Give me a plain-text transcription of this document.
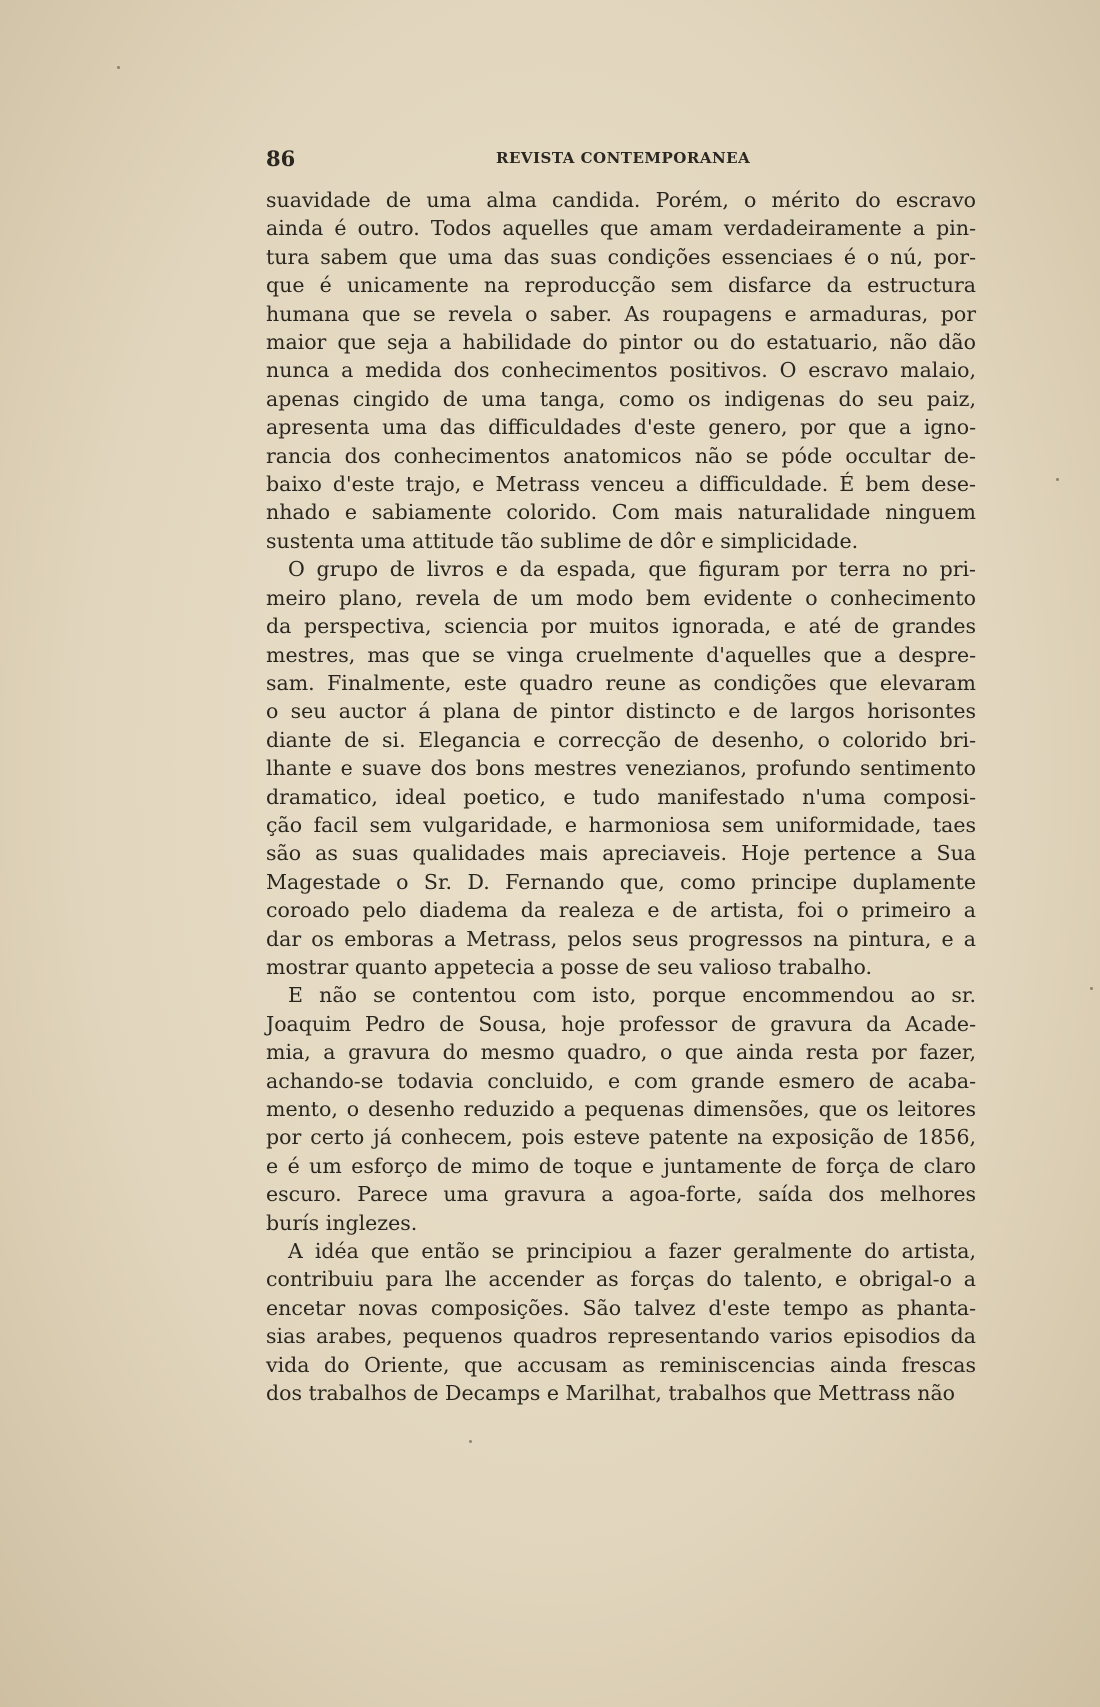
86	REVISTA CONTEMPORANEA
suavidade de uma alma candida. Porém, o mérito do escravo
ainda é outro. Todos aquelles que amam verdadeiramente a pin-
tura sabem que uma das suas condições essenciaes é o nú, por-
que é unicamente na reproducção sem disfarce da estructura
humana que se revela o saber. As roupagens e armaduras, por
maior que seja a habilidade do pintor ou do estatuario, não dão
nunca a medida dos conhecimentos positivos. O escravo malaio,
apenas cingido de uma tanga, como os indigenas do seu paiz,
apresenta uma das difficuldades d'este genero, por que a igno-
rancia dos conhecimentos anatomicos não se póde occultar de-
baixo d'este trajo, e Metrass venceu a difficuldade. É bem dese-
nhado e sabiamente colorido. Com mais naturalidade ninguem
sustenta uma attitude tão sublime de dôr e simplicidade.
O grupo de livros e da espada, que figuram por terra no pri-
meiro plano, revela de um modo bem evidente o conhecimento
da perspectiva, sciencia por muitos ignorada, e até de grandes
mestres, mas que se vinga cruelmente d'aquelles que a despre-
sam. Finalmente, este quadro reune as condições que elevaram
o seu auctor á plana de pintor distincto e de largos horisontes
diante de si. Elegancia e correcção de desenho, o colorido bri-
lhante e suave dos bons mestres venezianos, profundo sentimento
dramatico, ideal poetico, e tudo manifestado n'uma composi-
ção facil sem vulgaridade, e harmoniosa sem uniformidade, taes
são as suas qualidades mais apreciaveis. Hoje pertence a Sua
Magestade o Sr. D. Fernando que, como principe duplamente
coroado pelo diadema da realeza e de artista, foi o primeiro a
dar os emboras a Metrass, pelos seus progressos na pintura, e a
mostrar quanto appetecia a posse de seu valioso trabalho.
E não se contentou com isto, porque encommendou ao sr.
Joaquim Pedro de Sousa, hoje professor de gravura da Acade-
mia, a gravura do mesmo quadro, o que ainda resta por fazer,
achando-se todavia concluido, e com grande esmero de acaba-
mento, o desenho reduzido a pequenas dimensões, que os leitores
por certo já conhecem, pois esteve patente na exposição de 1856,
e é um esforço de mimo de toque e juntamente de força de claro
escuro. Parece uma gravura a agoa-forte, saída dos melhores
burís inglezes.
A idéa que então se principiou a fazer geralmente do artista,
contribuiu para lhe accender as forças do talento, e obrigal-o a
encetar novas composições. São talvez d'este tempo as phanta-
sias arabes, pequenos quadros representando varios episodios da
vida do Oriente, que accusam as reminiscencias ainda frescas
dos trabalhos de Decamps e Marilhat, trabalhos que Mettrass não
